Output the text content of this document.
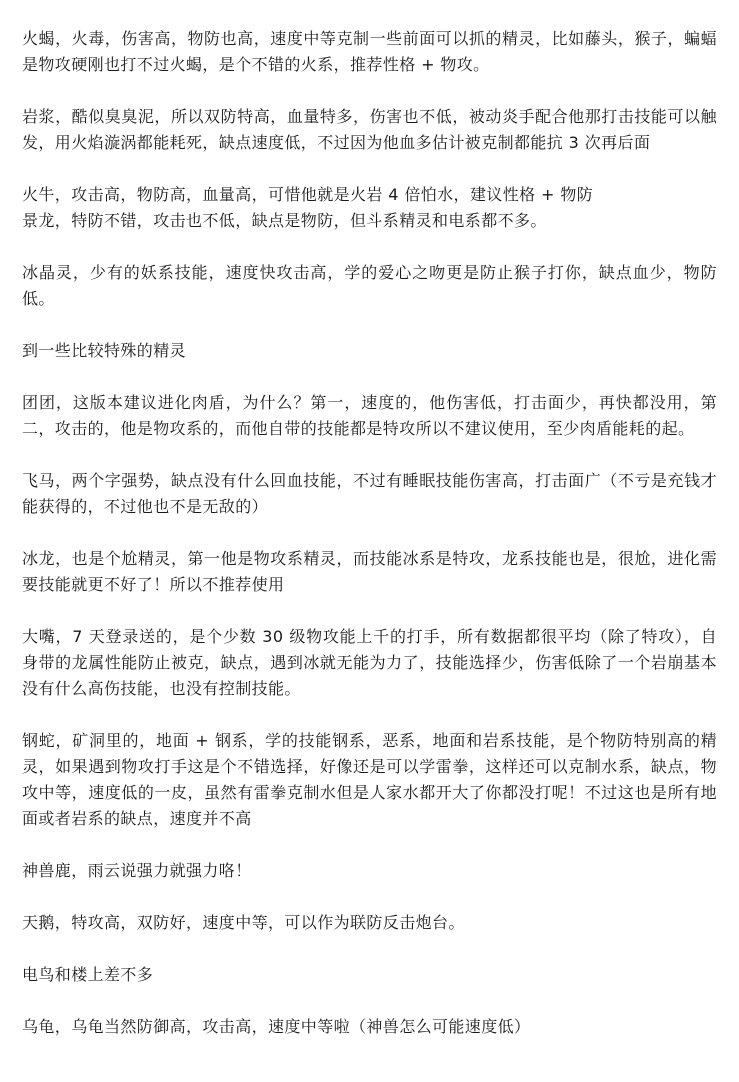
火蝎，火毒，伤害高，物防也高，速度中等克制一些前面可以抓的精灵，比如藤头，猴子，蝙蝠是物攻硬刚也打不过火蝎，是个不错的火系，推荐性格 + 物攻。

岩浆，酷似臭臭泥，所以双防特高，血量特多，伤害也不低，被动炎手配合他那打击技能可以触发，用火焰漩涡都能耗死，缺点速度低，不过因为他血多估计被克制都能抗 3 次再后面

火牛，攻击高，物防高，血量高，可惜他就是火岩 4 倍怕水，建议性格 + 物防
景龙，特防不错，攻击也不低，缺点是物防，但斗系精灵和电系都不多。

冰晶灵，少有的妖系技能，速度快攻击高，学的爱心之吻更是防止猴子打你，缺点血少，物防低。

到一些比较特殊的精灵

团团，这版本建议进化肉盾，为什么？第一，速度的，他伤害低，打击面少，再快都没用，第二，攻击的，他是物攻系的，而他自带的技能都是特攻所以不建议使用，至少肉盾能耗的起。

飞马，两个字强势，缺点没有什么回血技能，不过有睡眠技能伤害高，打击面广（不亏是充钱才能获得的，不过他也不是无敌的）

冰龙，也是个尬精灵，第一他是物攻系精灵，而技能冰系是特攻，龙系技能也是，很尬，进化需要技能就更不好了！所以不推荐使用

大嘴，7 天登录送的，是个少数 30 级物攻能上千的打手，所有数据都很平均（除了特攻），自身带的龙属性能防止被克，缺点，遇到冰就无能为力了，技能选择少，伤害低除了一个岩崩基本没有什么高伤技能，也没有控制技能。

钢蛇，矿洞里的，地面 + 钢系，学的技能钢系，恶系，地面和岩系技能，是个物防特别高的精灵，如果遇到物攻打手这是个不错选择，好像还是可以学雷拳，这样还可以克制水系，缺点，物攻中等，速度低的一皮，虽然有雷拳克制水但是人家水都开大了你都没打呢！不过这也是所有地面或者岩系的缺点，速度并不高

神兽鹿，雨云说强力就强力咯！

天鹅，特攻高，双防好，速度中等，可以作为联防反击炮台。

电鸟和楼上差不多

乌龟，乌龟当然防御高，攻击高，速度中等啦（神兽怎么可能速度低）
